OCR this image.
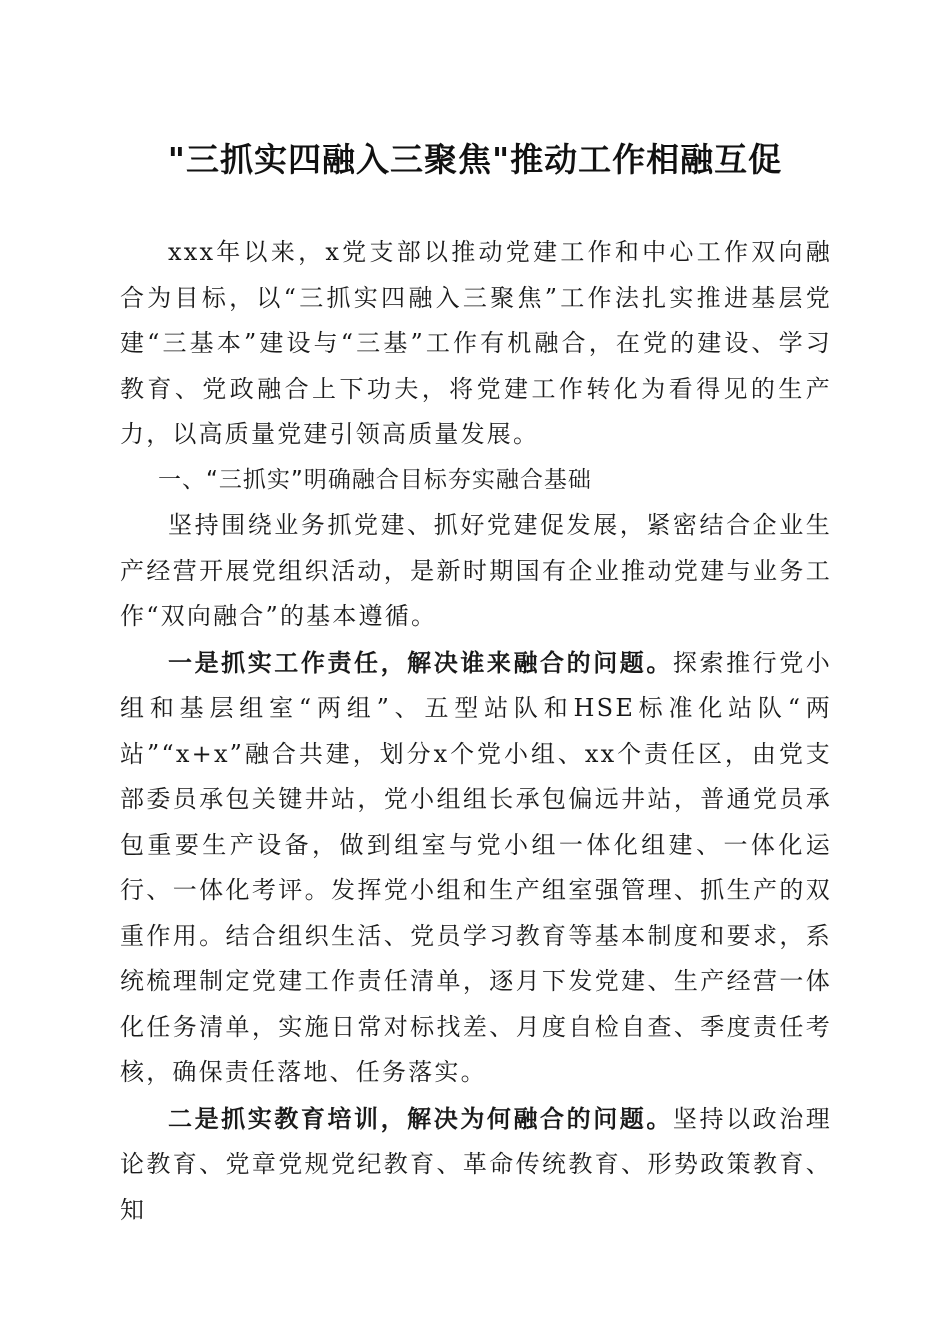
"三抓实四融入三聚焦"推动工作相融互促

xxx年以来，x党支部以推动党建工作和中心工作双向融合为目标，以“三抓实四融入三聚焦”工作法扎实推进基层党建“三基本”建设与“三基”工作有机融合，在党的建设、学习教育、党政融合上下功夫，将党建工作转化为看得见的生产力，以高质量党建引领高质量发展。

一、“三抓实”明确融合目标夯实融合基础

坚持围绕业务抓党建、抓好党建促发展，紧密结合企业生产经营开展党组织活动，是新时期国有企业推动党建与业务工作“双向融合”的基本遵循。

一是抓实工作责任，解决谁来融合的问题。探索推行党小组和基层组室“两组”、五型站队和HSE标准化站队“两站”“x+x”融合共建，划分x个党小组、xx个责任区，由党支部委员承包关键井站，党小组组长承包偏远井站，普通党员承包重要生产设备，做到组室与党小组一体化组建、一体化运行、一体化考评。发挥党小组和生产组室强管理、抓生产的双重作用。结合组织生活、党员学习教育等基本制度和要求，系统梳理制定党建工作责任清单，逐月下发党建、生产经营一体化任务清单，实施日常对标找差、月度自检自查、季度责任考核，确保责任落地、任务落实。

二是抓实教育培训，解决为何融合的问题。坚持以政治理论教育、党章党规党纪教育、革命传统教育、形势政策教育、知
